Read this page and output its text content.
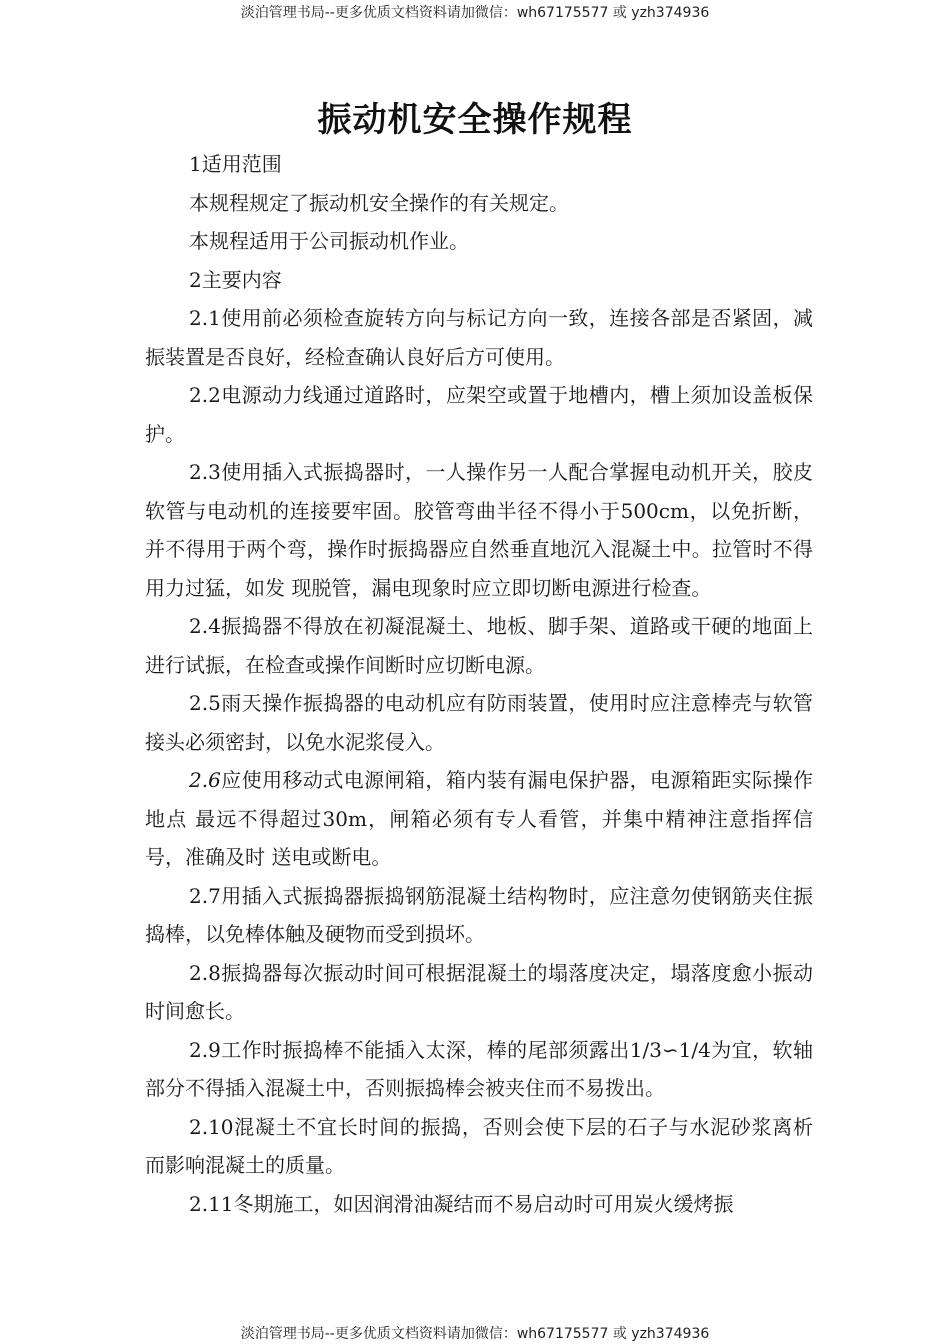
淡泊管理书局--更多优质文档资料请加微信：wh67175577 或 yzh374936
振动机安全操作规程

1适用范围

本规程规定了振动机安全操作的有关规定。

本规程适用于公司振动机作业。

2主要内容

2.1使用前必须检查旋转方向与标记方向一致，连接各部是否紧固，减振装置是否良好，经检查确认良好后方可使用。

2.2电源动力线通过道路时，应架空或置于地槽内，槽上须加设盖板保护。

2.3使用插入式振捣器时，一人操作另一人配合掌握电动机开关，胶皮软管与电动机的连接要牢固。胶管弯曲半径不得小于500cm，以免折断，并不得用于两个弯，操作时振捣器应自然垂直地沉入混凝土中。拉管时不得用力过猛，如发 现脱管，漏电现象时应立即切断电源进行检查。

2.4振捣器不得放在初凝混凝土、地板、脚手架、道路或干硬的地面上进行试振，在检查或操作间断时应切断电源。

2.5雨天操作振捣器的电动机应有防雨装置，使用时应注意棒壳与软管接头必须密封，以免水泥浆侵入。

2.6应使用移动式电源闸箱，箱内装有漏电保护器，电源箱距实际操作地点 最远不得超过30m，闸箱必须有专人看管，并集中精神注意指挥信号，准确及时 送电或断电。

2.7用插入式振捣器振捣钢筋混凝土结构物时，应注意勿使钢筋夹住振捣棒，以免棒体触及硬物而受到损坏。

2.8振捣器每次振动时间可根据混凝土的塌落度决定，塌落度愈小振动时间愈长。

2.9工作时振捣棒不能插入太深，棒的尾部须露出1/3∽1/4为宜，软轴部分不得插入混凝土中，否则振捣棒会被夹住而不易拨出。

2.10混凝土不宜长时间的振捣，否则会使下层的石子与水泥砂浆离析而影响混凝土的质量。

2.11冬期施工，如因润滑油凝结而不易启动时可用炭火缓烤振

淡泊管理书局--更多优质文档资料请加微信：wh67175577 或 yzh374936
